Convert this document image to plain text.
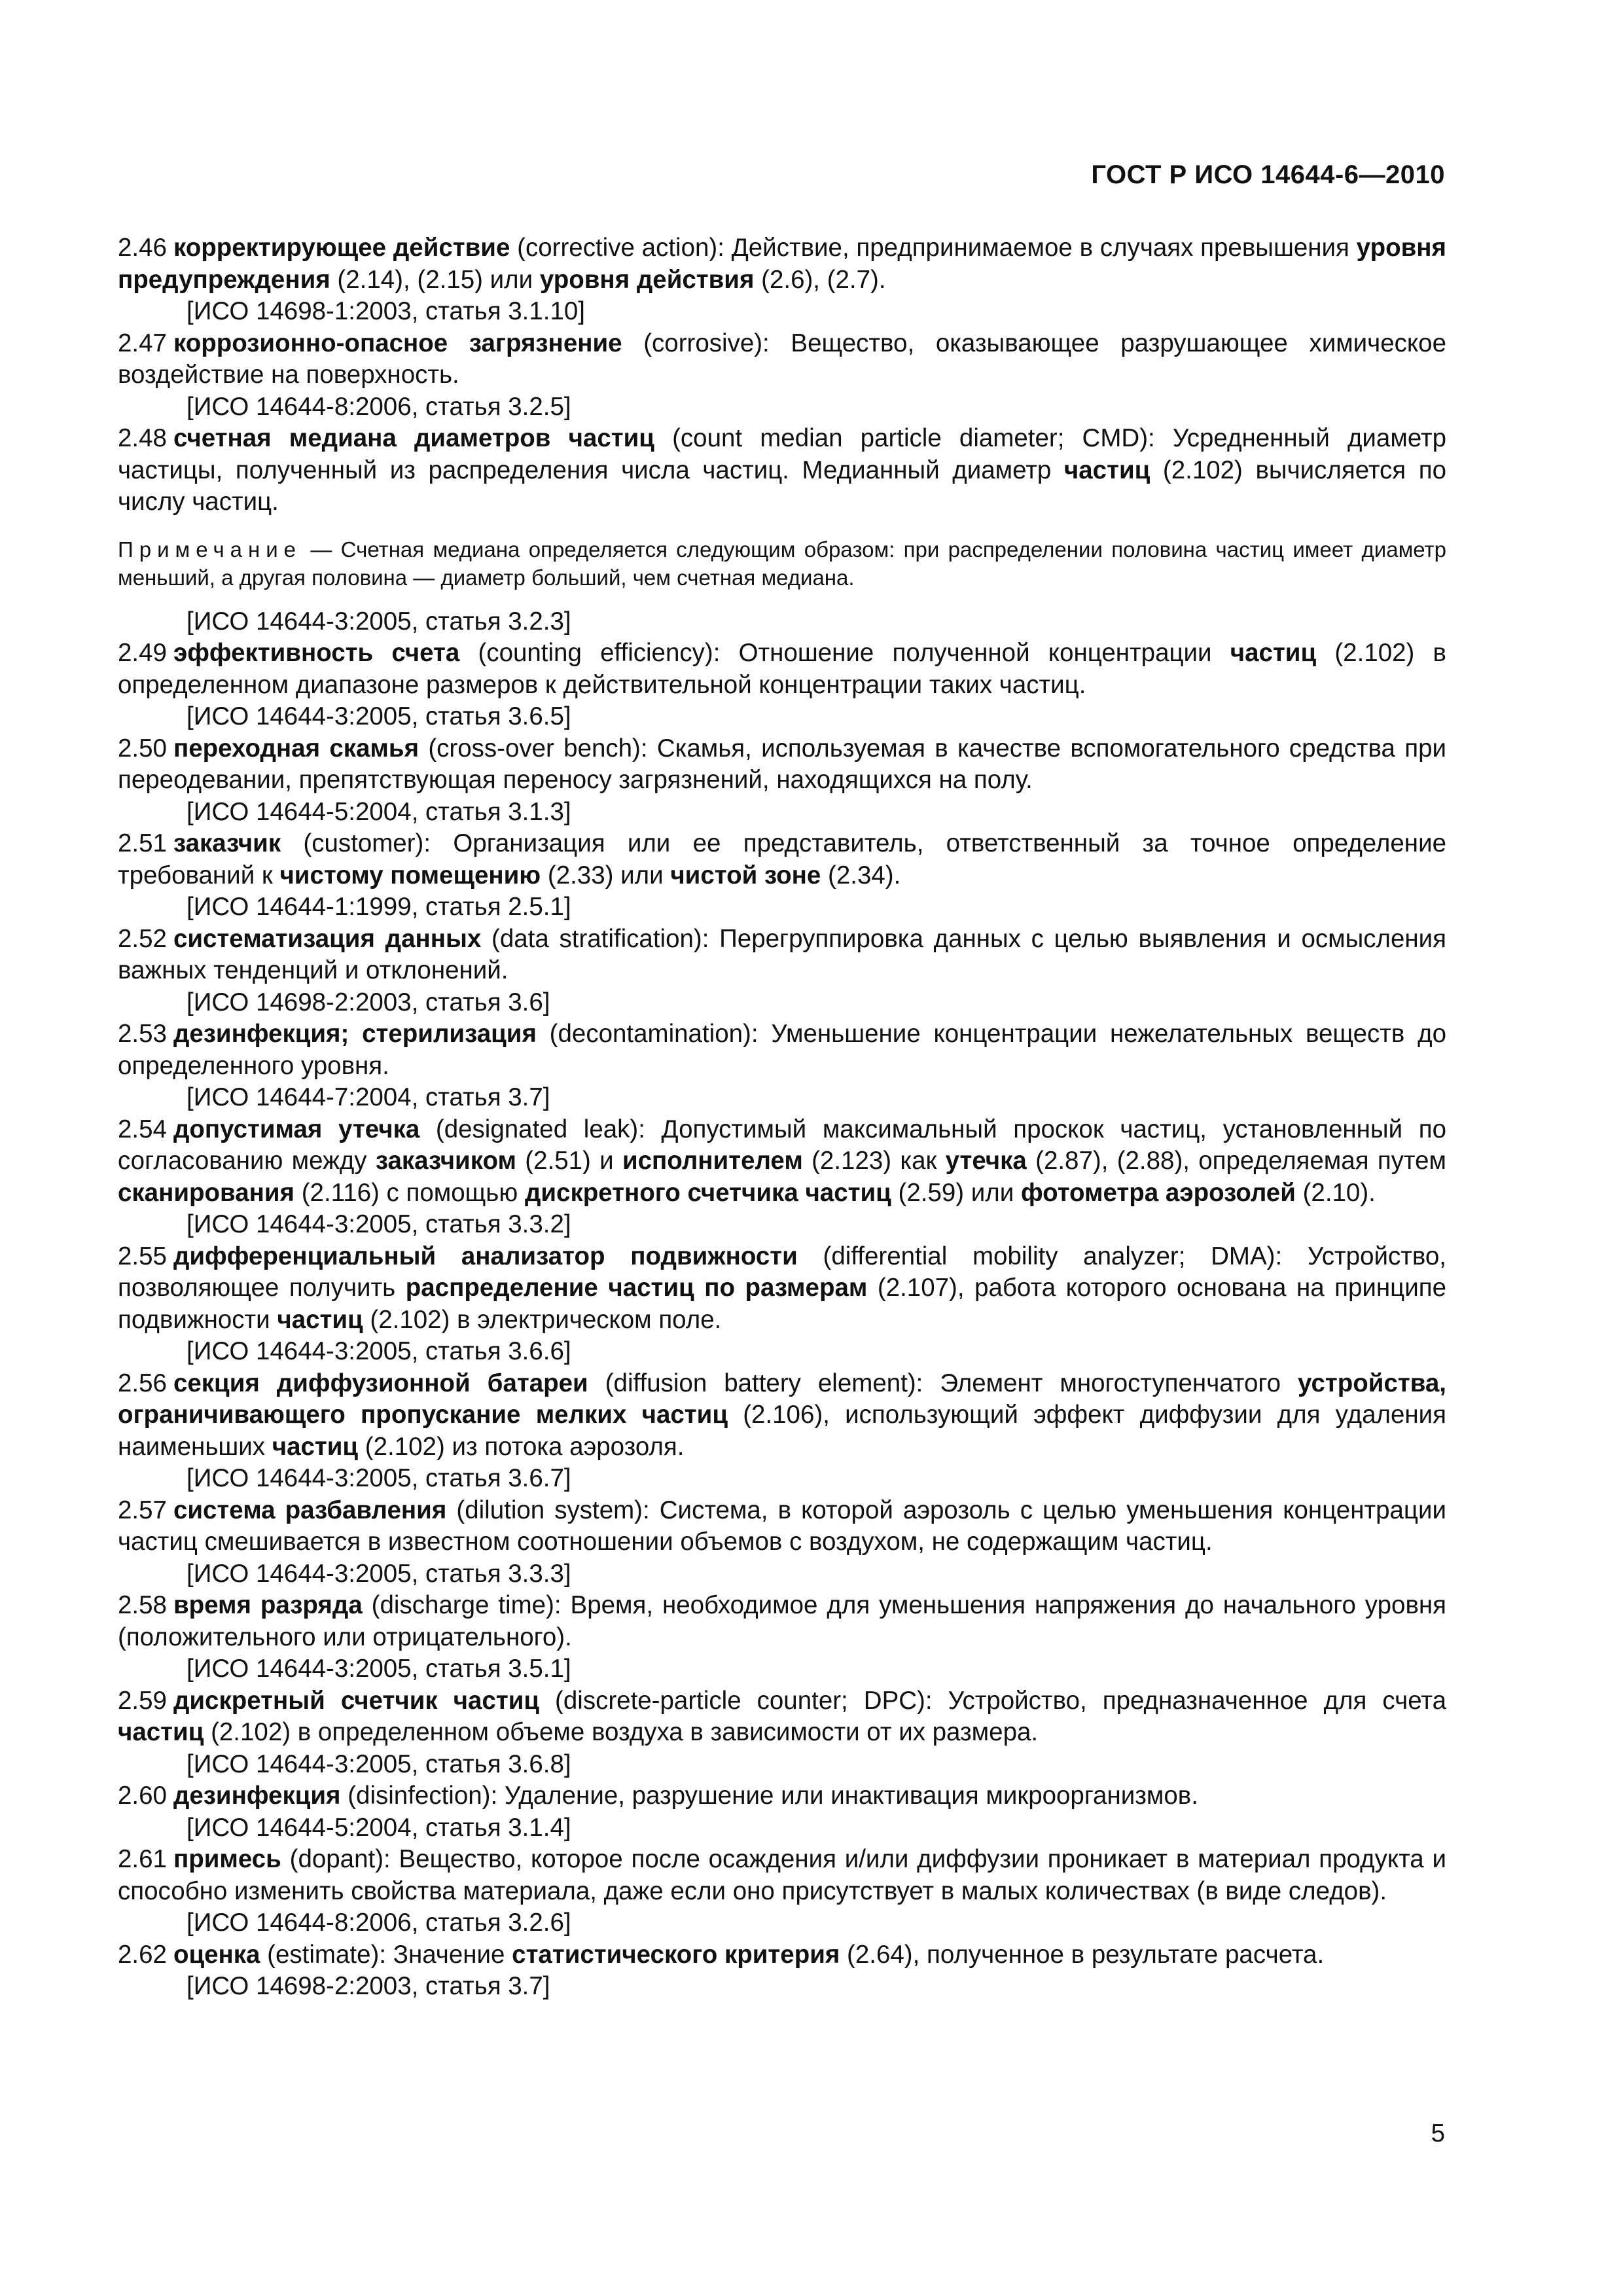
ГОСТ Р ИСО 14644-6—2010
2.46 корректирующее действие (corrective action): Действие, предпринимаемое в случаях превышения уровня предупреждения (2.14), (2.15) или уровня действия (2.6), (2.7).
[ИСО 14698-1:2003, статья 3.1.10]
2.47 коррозионно-опасное загрязнение (corrosive): Вещество, оказывающее разрушающее химическое воздействие на поверхность.
[ИСО 14644-8:2006, статья 3.2.5]
2.48 счетная медиана диаметров частиц (count median particle diameter; CMD): Усредненный диаметр частицы, полученный из распределения числа частиц. Медианный диаметр частиц (2.102) вычисляется по числу частиц.
Примечание — Счетная медиана определяется следующим образом: при распределении половина частиц имеет диаметр меньший, а другая половина — диаметр больший, чем счетная медиана.
[ИСО 14644-3:2005, статья 3.2.3]
2.49 эффективность счета (counting efficiency): Отношение полученной концентрации частиц (2.102) в определенном диапазоне размеров к действительной концентрации таких частиц.
[ИСО 14644-3:2005, статья 3.6.5]
2.50 переходная скамья (cross-over bench): Скамья, используемая в качестве вспомогательного средства при переодевании, препятствующая переносу загрязнений, находящихся на полу.
[ИСО 14644-5:2004, статья 3.1.3]
2.51 заказчик (customer): Организация или ее представитель, ответственный за точное определение требований к чистому помещению (2.33) или чистой зоне (2.34).
[ИСО 14644-1:1999, статья 2.5.1]
2.52 систематизация данных (data stratification): Перегруппировка данных с целью выявления и осмысления важных тенденций и отклонений.
[ИСО 14698-2:2003, статья 3.6]
2.53 дезинфекция; стерилизация (decontamination): Уменьшение концентрации нежелательных веществ до определенного уровня.
[ИСО 14644-7:2004, статья 3.7]
2.54 допустимая утечка (designated leak): Допустимый максимальный проскок частиц, установленный по согласованию между заказчиком (2.51) и исполнителем (2.123) как утечка (2.87), (2.88), определяемая путем сканирования (2.116) с помощью дискретного счетчика частиц (2.59) или фотометра аэрозолей (2.10).
[ИСО 14644-3:2005, статья 3.3.2]
2.55 дифференциальный анализатор подвижности (differential mobility analyzer; DMA): Устройство, позволяющее получить распределение частиц по размерам (2.107), работа которого основана на принципе подвижности частиц (2.102) в электрическом поле.
[ИСО 14644-3:2005, статья 3.6.6]
2.56 секция диффузионной батареи (diffusion battery element): Элемент многоступенчатого устройства, ограничивающего пропускание мелких частиц (2.106), использующий эффект диффузии для удаления наименьших частиц (2.102) из потока аэрозоля.
[ИСО 14644-3:2005, статья 3.6.7]
2.57 система разбавления (dilution system): Система, в которой аэрозоль с целью уменьшения концентрации частиц смешивается в известном соотношении объемов с воздухом, не содержащим частиц.
[ИСО 14644-3:2005, статья 3.3.3]
2.58 время разряда (discharge time): Время, необходимое для уменьшения напряжения до начального уровня (положительного или отрицательного).
[ИСО 14644-3:2005, статья 3.5.1]
2.59 дискретный счетчик частиц (discrete-particle counter; DPC): Устройство, предназначенное для счета частиц (2.102) в определенном объеме воздуха в зависимости от их размера.
[ИСО 14644-3:2005, статья 3.6.8]
2.60 дезинфекция (disinfection): Удаление, разрушение или инактивация микроорганизмов.
[ИСО 14644-5:2004, статья 3.1.4]
2.61 примесь (dopant): Вещество, которое после осаждения и/или диффузии проникает в материал продукта и способно изменить свойства материала, даже если оно присутствует в малых количествах (в виде следов).
[ИСО 14644-8:2006, статья 3.2.6]
2.62 оценка (estimate): Значение статистического критерия (2.64), полученное в результате расчета.
[ИСО 14698-2:2003, статья 3.7]
5
